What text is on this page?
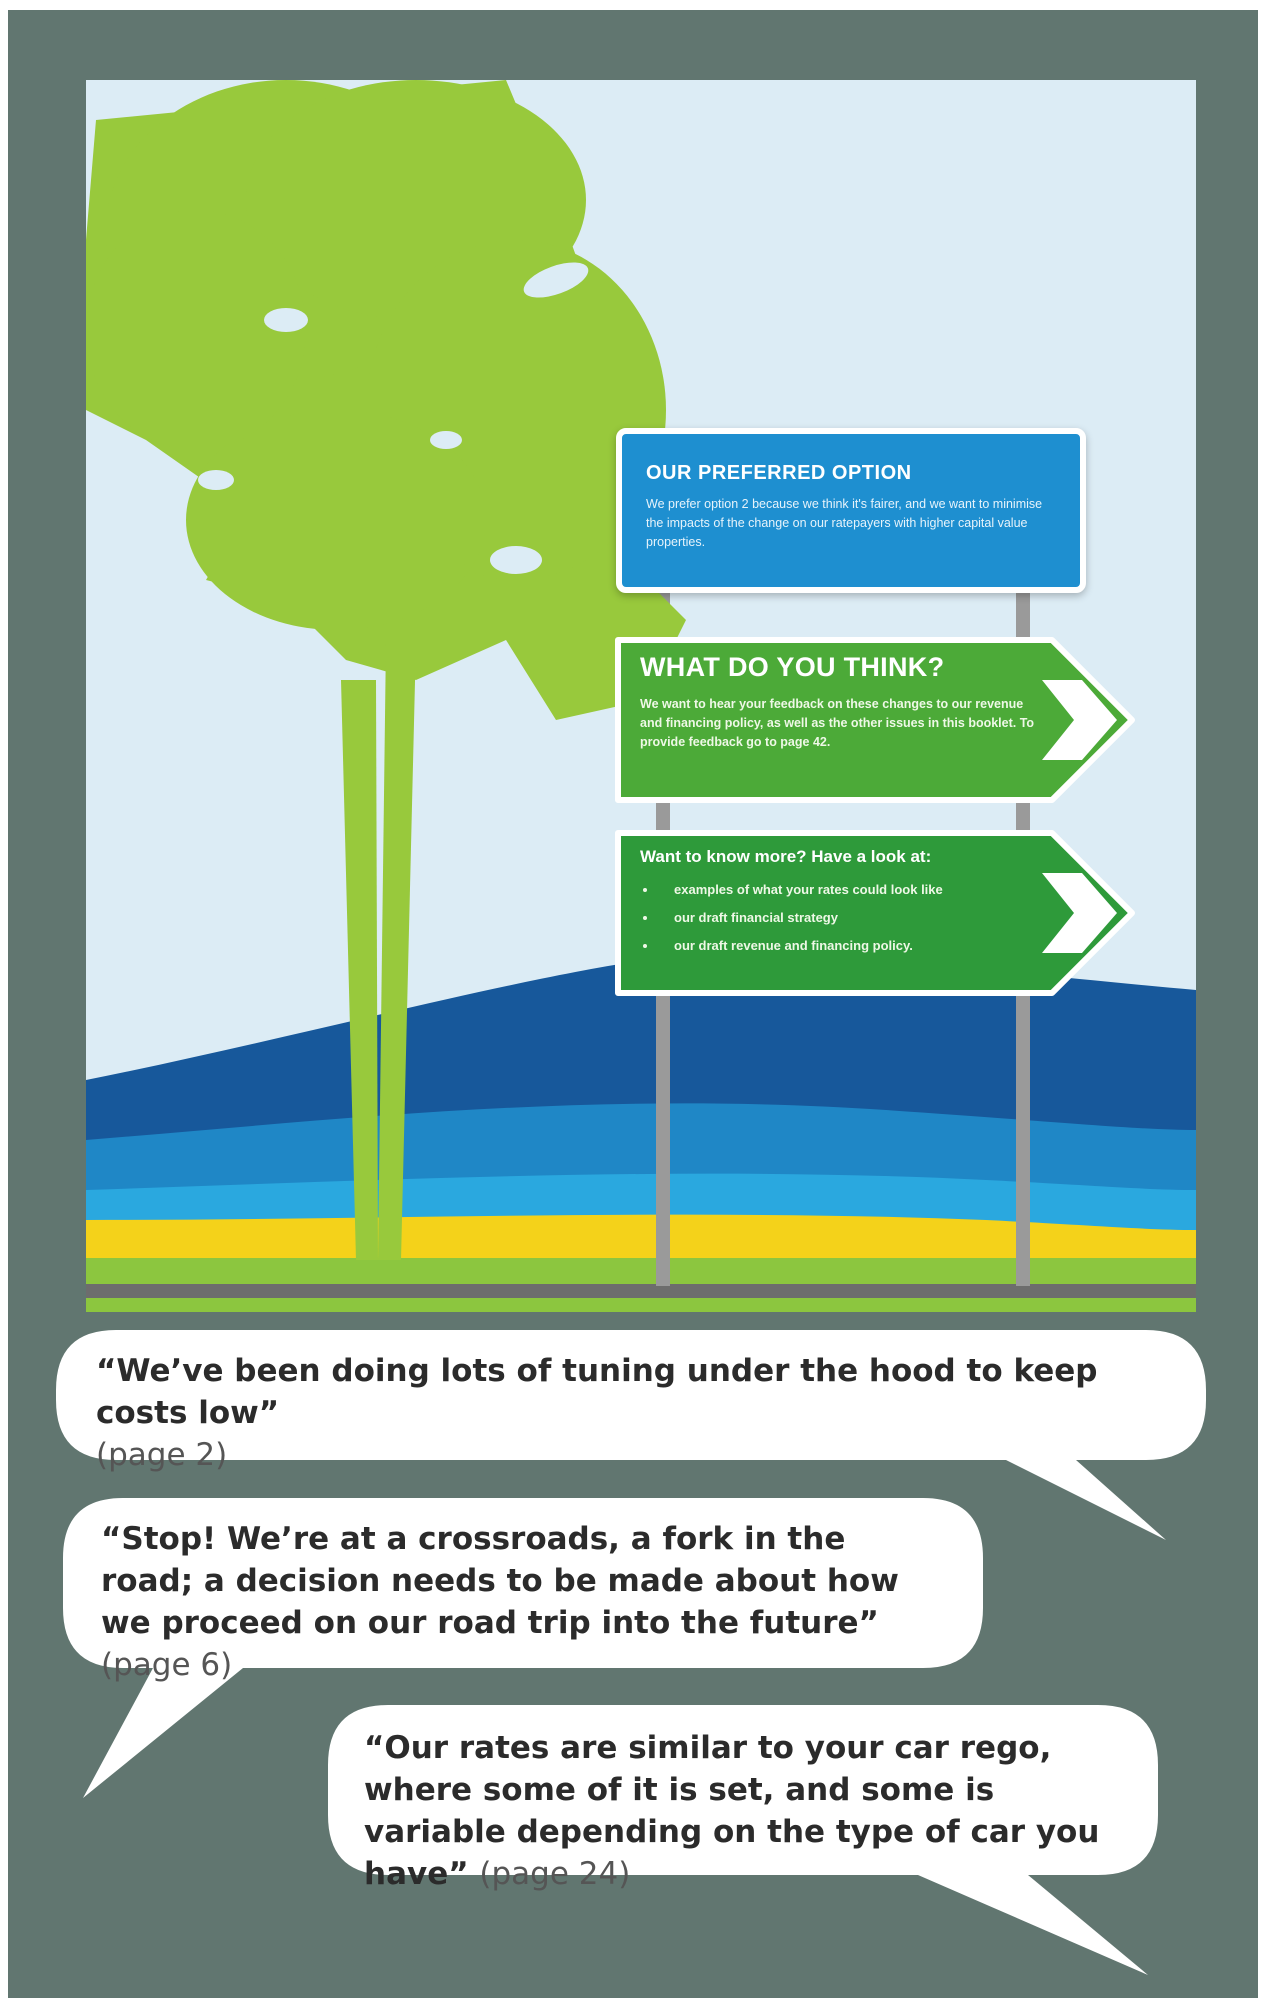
OUR PREFERRED OPTION
We prefer option 2 because we think it's fairer, and we want to minimise the impacts of the change on our ratepayers with higher capital value properties.
WHAT DO YOU THINK?
We want to hear your feedback on these changes to our revenue and financing policy, as well as the other issues in this booklet. To provide feedback go to page 42.
Want to know more? Have a look at:
• examples of what your rates could look like
• our draft financial strategy
• our draft revenue and financing policy.
“We’ve been doing lots of tuning under the hood to keep costs low”
(page 2)
“Stop! We’re at a crossroads, a fork in the road; a decision needs to be made about how we proceed on our road trip into the future” (page 6)
“Our rates are similar to your car rego, where some of it is set, and some is variable depending on the type of car you have” (page 24)
